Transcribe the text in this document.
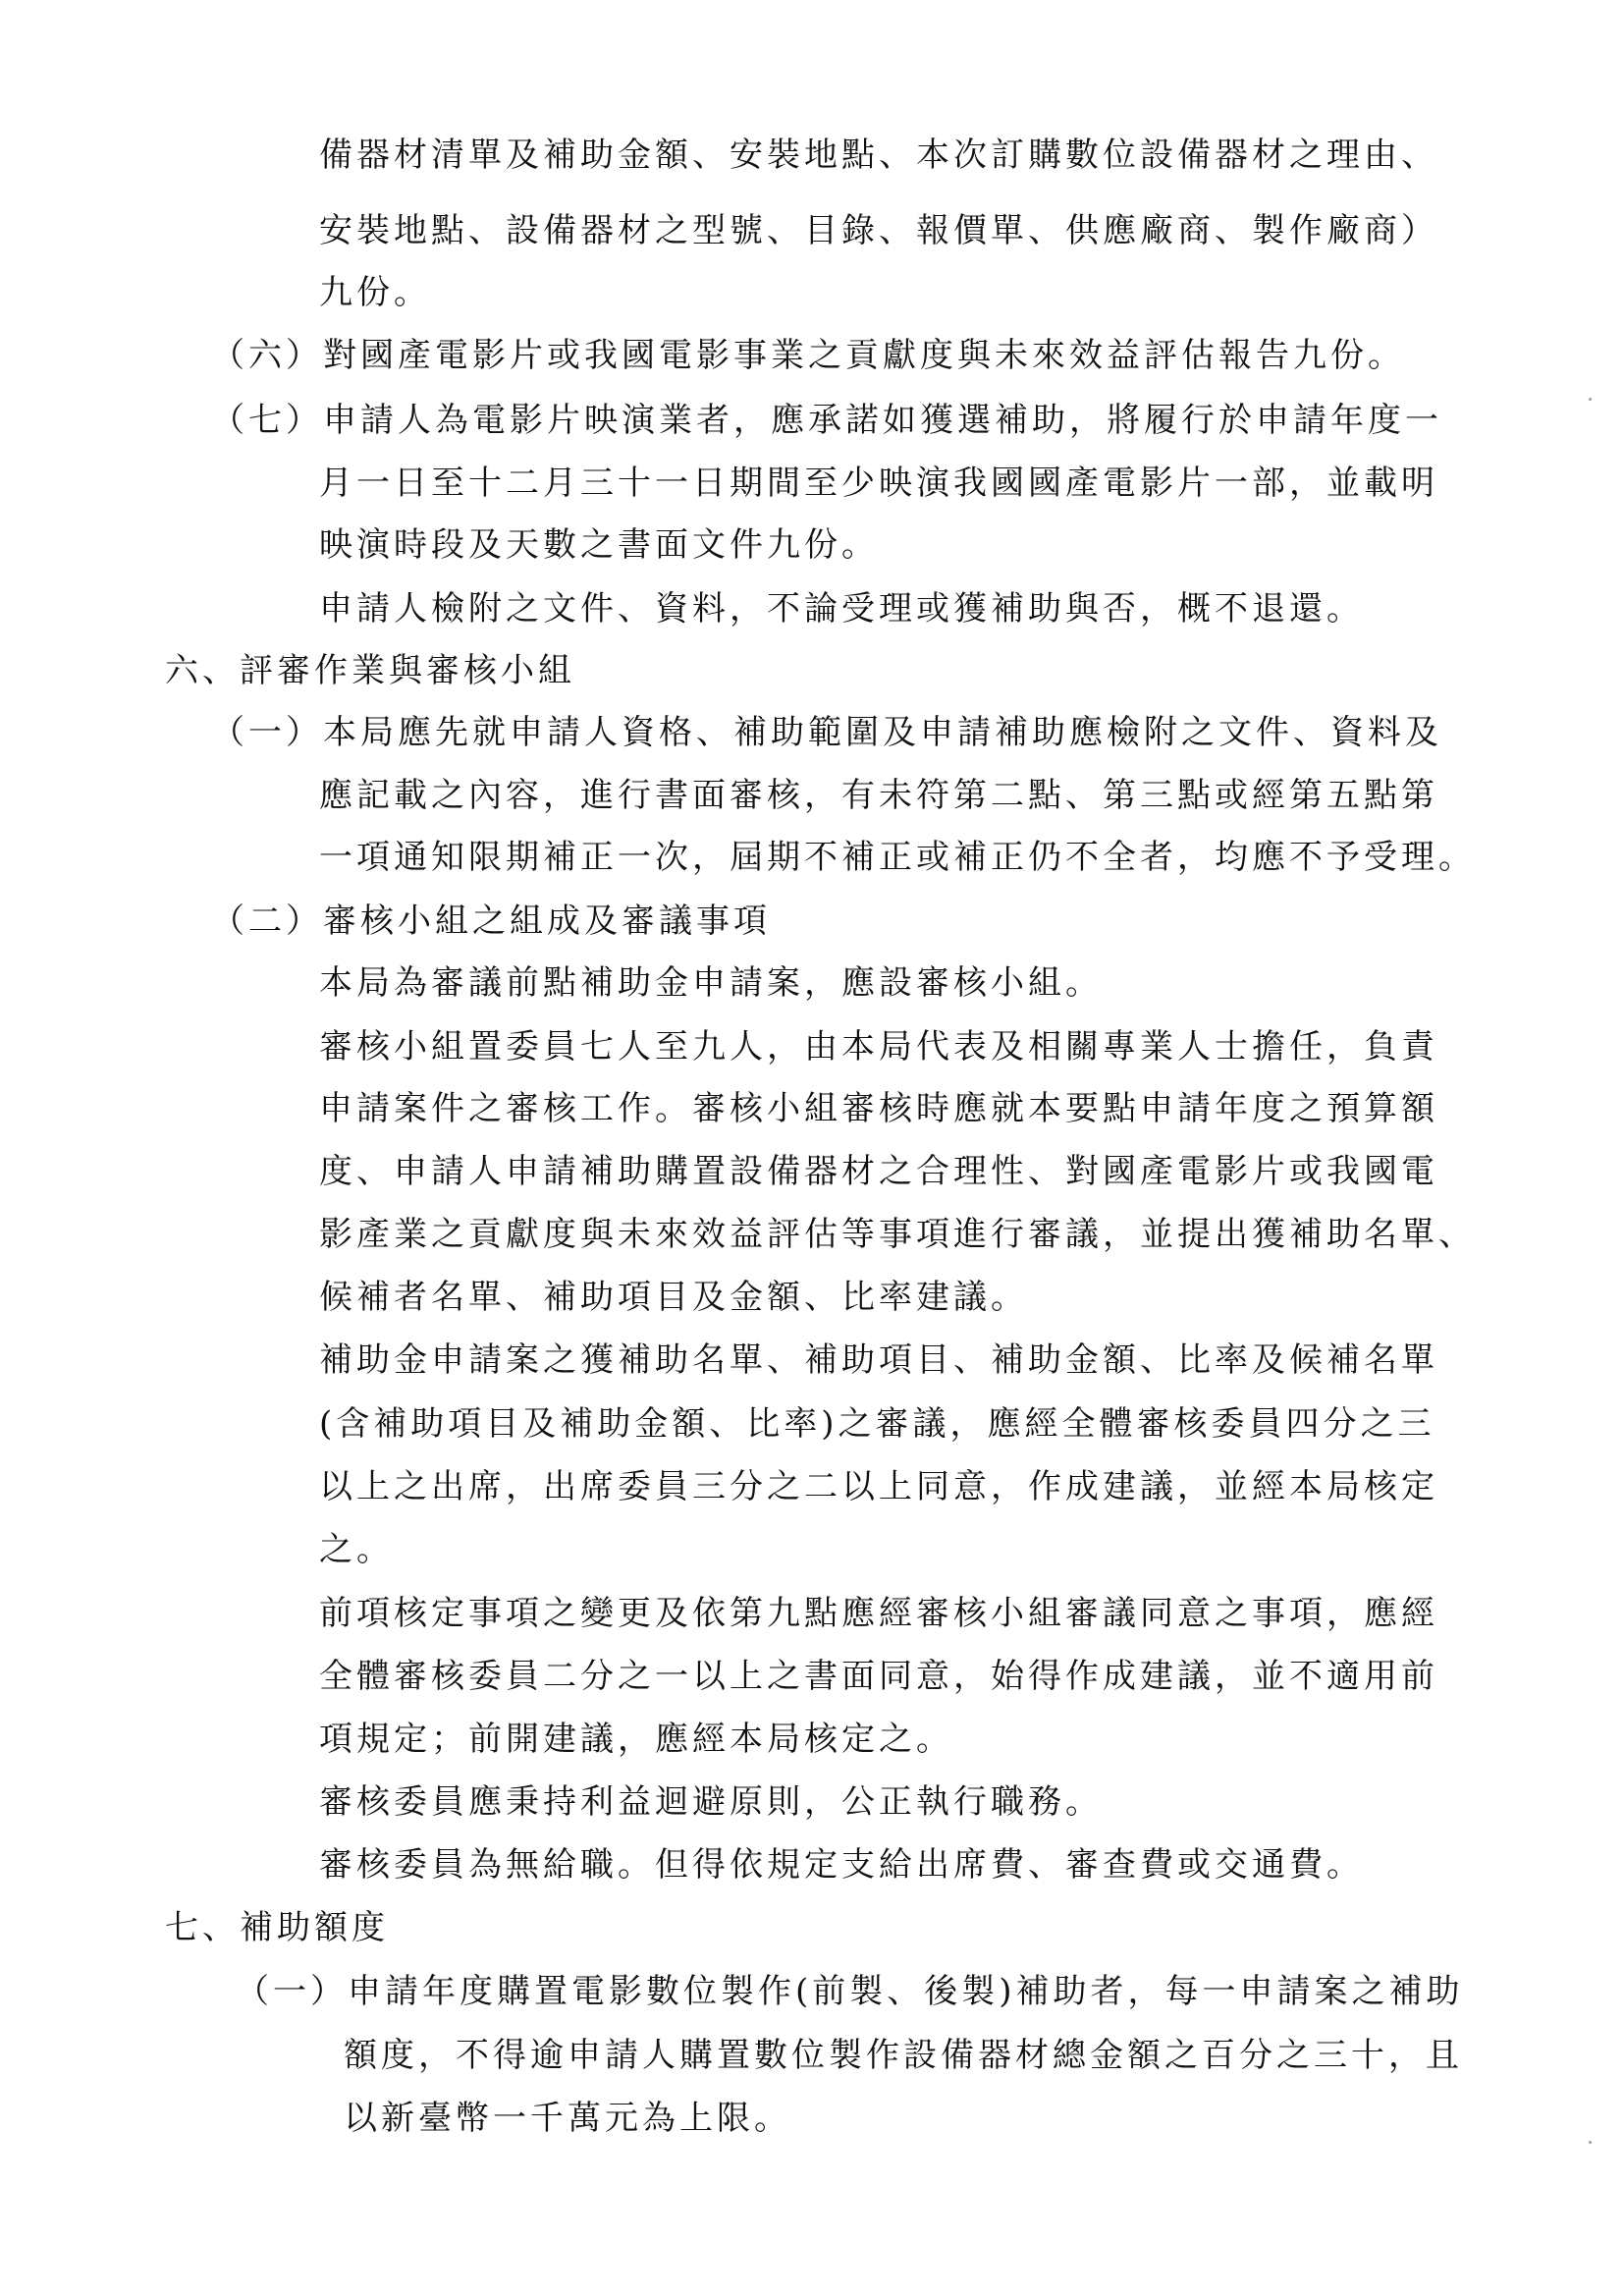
備器材清單及補助金額、安裝地點、本次訂購數位設備器材之理由、
安裝地點、設備器材之型號、目錄、報價單、供應廠商、製作廠商）
九份。
（六）對國產電影片或我國電影事業之貢獻度與未來效益評估報告九份。
（七）申請人為電影片映演業者，應承諾如獲選補助，將履行於申請年度一
月一日至十二月三十一日期間至少映演我國國產電影片一部，並載明
映演時段及天數之書面文件九份。
申請人檢附之文件、資料，不論受理或獲補助與否，概不退還。
六、評審作業與審核小組
（一）本局應先就申請人資格、補助範圍及申請補助應檢附之文件、資料及
應記載之內容，進行書面審核，有未符第二點、第三點或經第五點第
一項通知限期補正一次，屆期不補正或補正仍不全者，均應不予受理。
（二）審核小組之組成及審議事項
本局為審議前點補助金申請案，應設審核小組。
審核小組置委員七人至九人，由本局代表及相關專業人士擔任，負責
申請案件之審核工作。審核小組審核時應就本要點申請年度之預算額
度、申請人申請補助購置設備器材之合理性、對國產電影片或我國電
影產業之貢獻度與未來效益評估等事項進行審議，並提出獲補助名單、
候補者名單、補助項目及金額、比率建議。
補助金申請案之獲補助名單、補助項目、補助金額、比率及候補名單
(含補助項目及補助金額、比率)之審議，應經全體審核委員四分之三
以上之出席，出席委員三分之二以上同意，作成建議，並經本局核定
之。
前項核定事項之變更及依第九點應經審核小組審議同意之事項，應經
全體審核委員二分之一以上之書面同意，始得作成建議，並不適用前
項規定；前開建議，應經本局核定之。
審核委員應秉持利益迴避原則，公正執行職務。
審核委員為無給職。但得依規定支給出席費、審查費或交通費。
七、補助額度
（一）申請年度購置電影數位製作(前製、後製)補助者，每一申請案之補助
額度，不得逾申請人購置數位製作設備器材總金額之百分之三十，且
以新臺幣一千萬元為上限。
